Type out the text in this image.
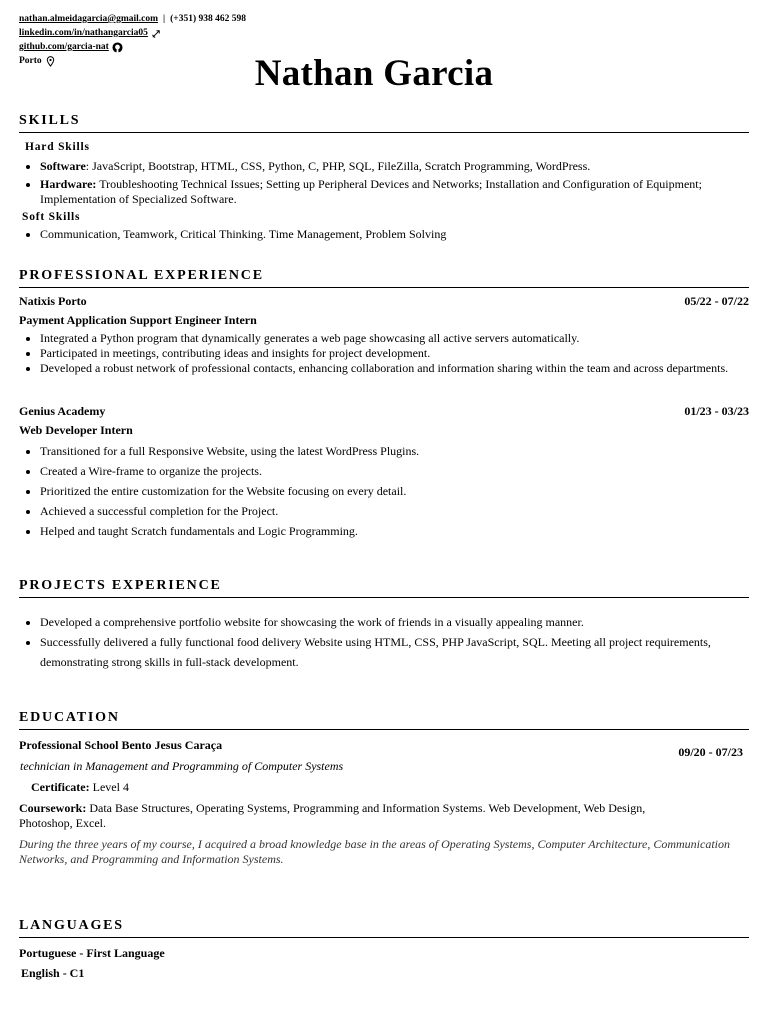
nathan.almeidagarcia@gmail.com | (+351) 938 462 598
linkedin.com/in/nathangarcia05
github.com/garcia-nat
Porto	Nathan Garcia
SKILLS
Hard Skills
• Software: JavaScript, Bootstrap, HTML, CSS, Python, C, PHP, SQL, FileZilla, Scratch Programming, WordPress.
• Hardware: Troubleshooting Technical Issues; Setting up Peripheral Devices and Networks; Installation and Configuration of Equipment; Implementation of Specialized Software.
Soft Skills
• Communication, Teamwork, Critical Thinking. Time Management, Problem Solving
PROFESSIONAL EXPERIENCE
Natixis Porto	05/22 - 07/22
Payment Application Support Engineer Intern
• Integrated a Python program that dynamically generates a web page showcasing all active servers automatically.
• Participated in meetings, contributing ideas and insights for project development.
• Developed a robust network of professional contacts, enhancing collaboration and information sharing within the team and across departments.
Genius Academy	01/23 - 03/23
Web Developer Intern
• Transitioned for a full Responsive Website, using the latest WordPress Plugins.
• Created a Wire-frame to organize the projects.
• Prioritized the entire customization for the Website focusing on every detail.
• Achieved a successful completion for the Project.
• Helped and taught Scratch fundamentals and Logic Programming.
PROJECTS EXPERIENCE
• Developed a comprehensive portfolio website for showcasing the work of friends in a visually appealing manner.
• Successfully delivered a fully functional food delivery Website using HTML, CSS, PHP JavaScript, SQL. Meeting all project requirements, demonstrating strong skills in full-stack development.
EDUCATION
Professional School Bento Jesus Caraça	09/20 - 07/23
technician in Management and Programming of Computer Systems
Certificate: Level 4
Coursework: Data Base Structures, Operating Systems, Programming and Information Systems. Web Development, Web Design, Photoshop, Excel.
During the three years of my course, I acquired a broad knowledge base in the areas of Operating Systems, Computer Architecture, Communication Networks, and Programming and Information Systems.
LANGUAGES
Portuguese - First Language
English - C1
